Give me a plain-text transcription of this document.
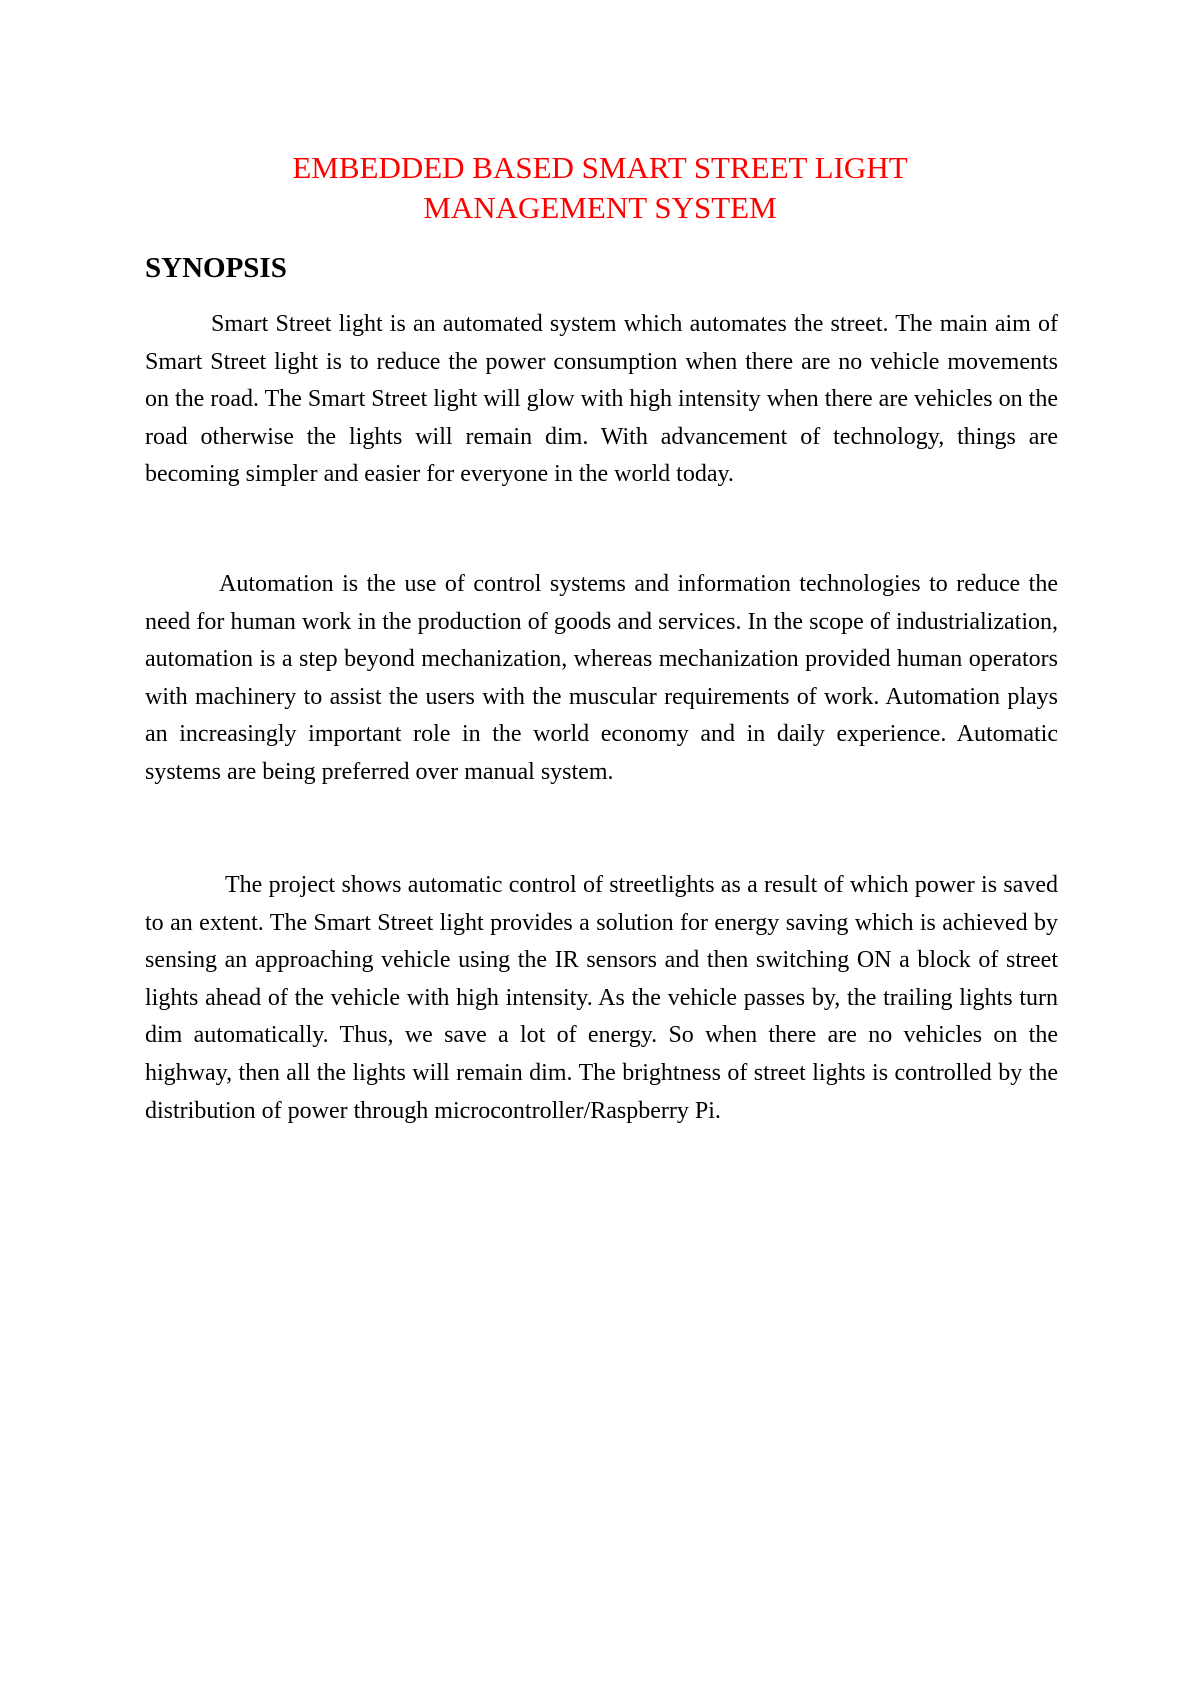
EMBEDDED BASED SMART STREET LIGHT
MANAGEMENT SYSTEM
SYNOPSIS

Smart Street light is an automated system which automates the street. The main aim of Smart Street light is to reduce the power consumption when there are no vehicle movements on the road. The Smart Street light will glow with high intensity when there are vehicles on the road otherwise the lights will remain dim. With advancement of technology, things are becoming simpler and easier for everyone in the world today.

Automation is the use of control systems and information technologies to reduce the need for human work in the production of goods and services. In the scope of industrialization, automation is a step beyond mechanization, whereas mechanization provided human operators with machinery to assist the users with the muscular requirements of work. Automation plays an increasingly important role in the world economy and in daily experience. Automatic systems are being preferred over manual system.

The project shows automatic control of streetlights as a result of which power is saved to an extent. The Smart Street light provides a solution for energy saving which is achieved by sensing an approaching vehicle using the IR sensors and then switching ON a block of street lights ahead of the vehicle with high intensity. As the vehicle passes by, the trailing lights turn dim automatically. Thus, we save a lot of energy. So when there are no vehicles on the highway, then all the lights will remain dim. The brightness of street lights is controlled by the distribution of power through microcontroller/Raspberry Pi.
